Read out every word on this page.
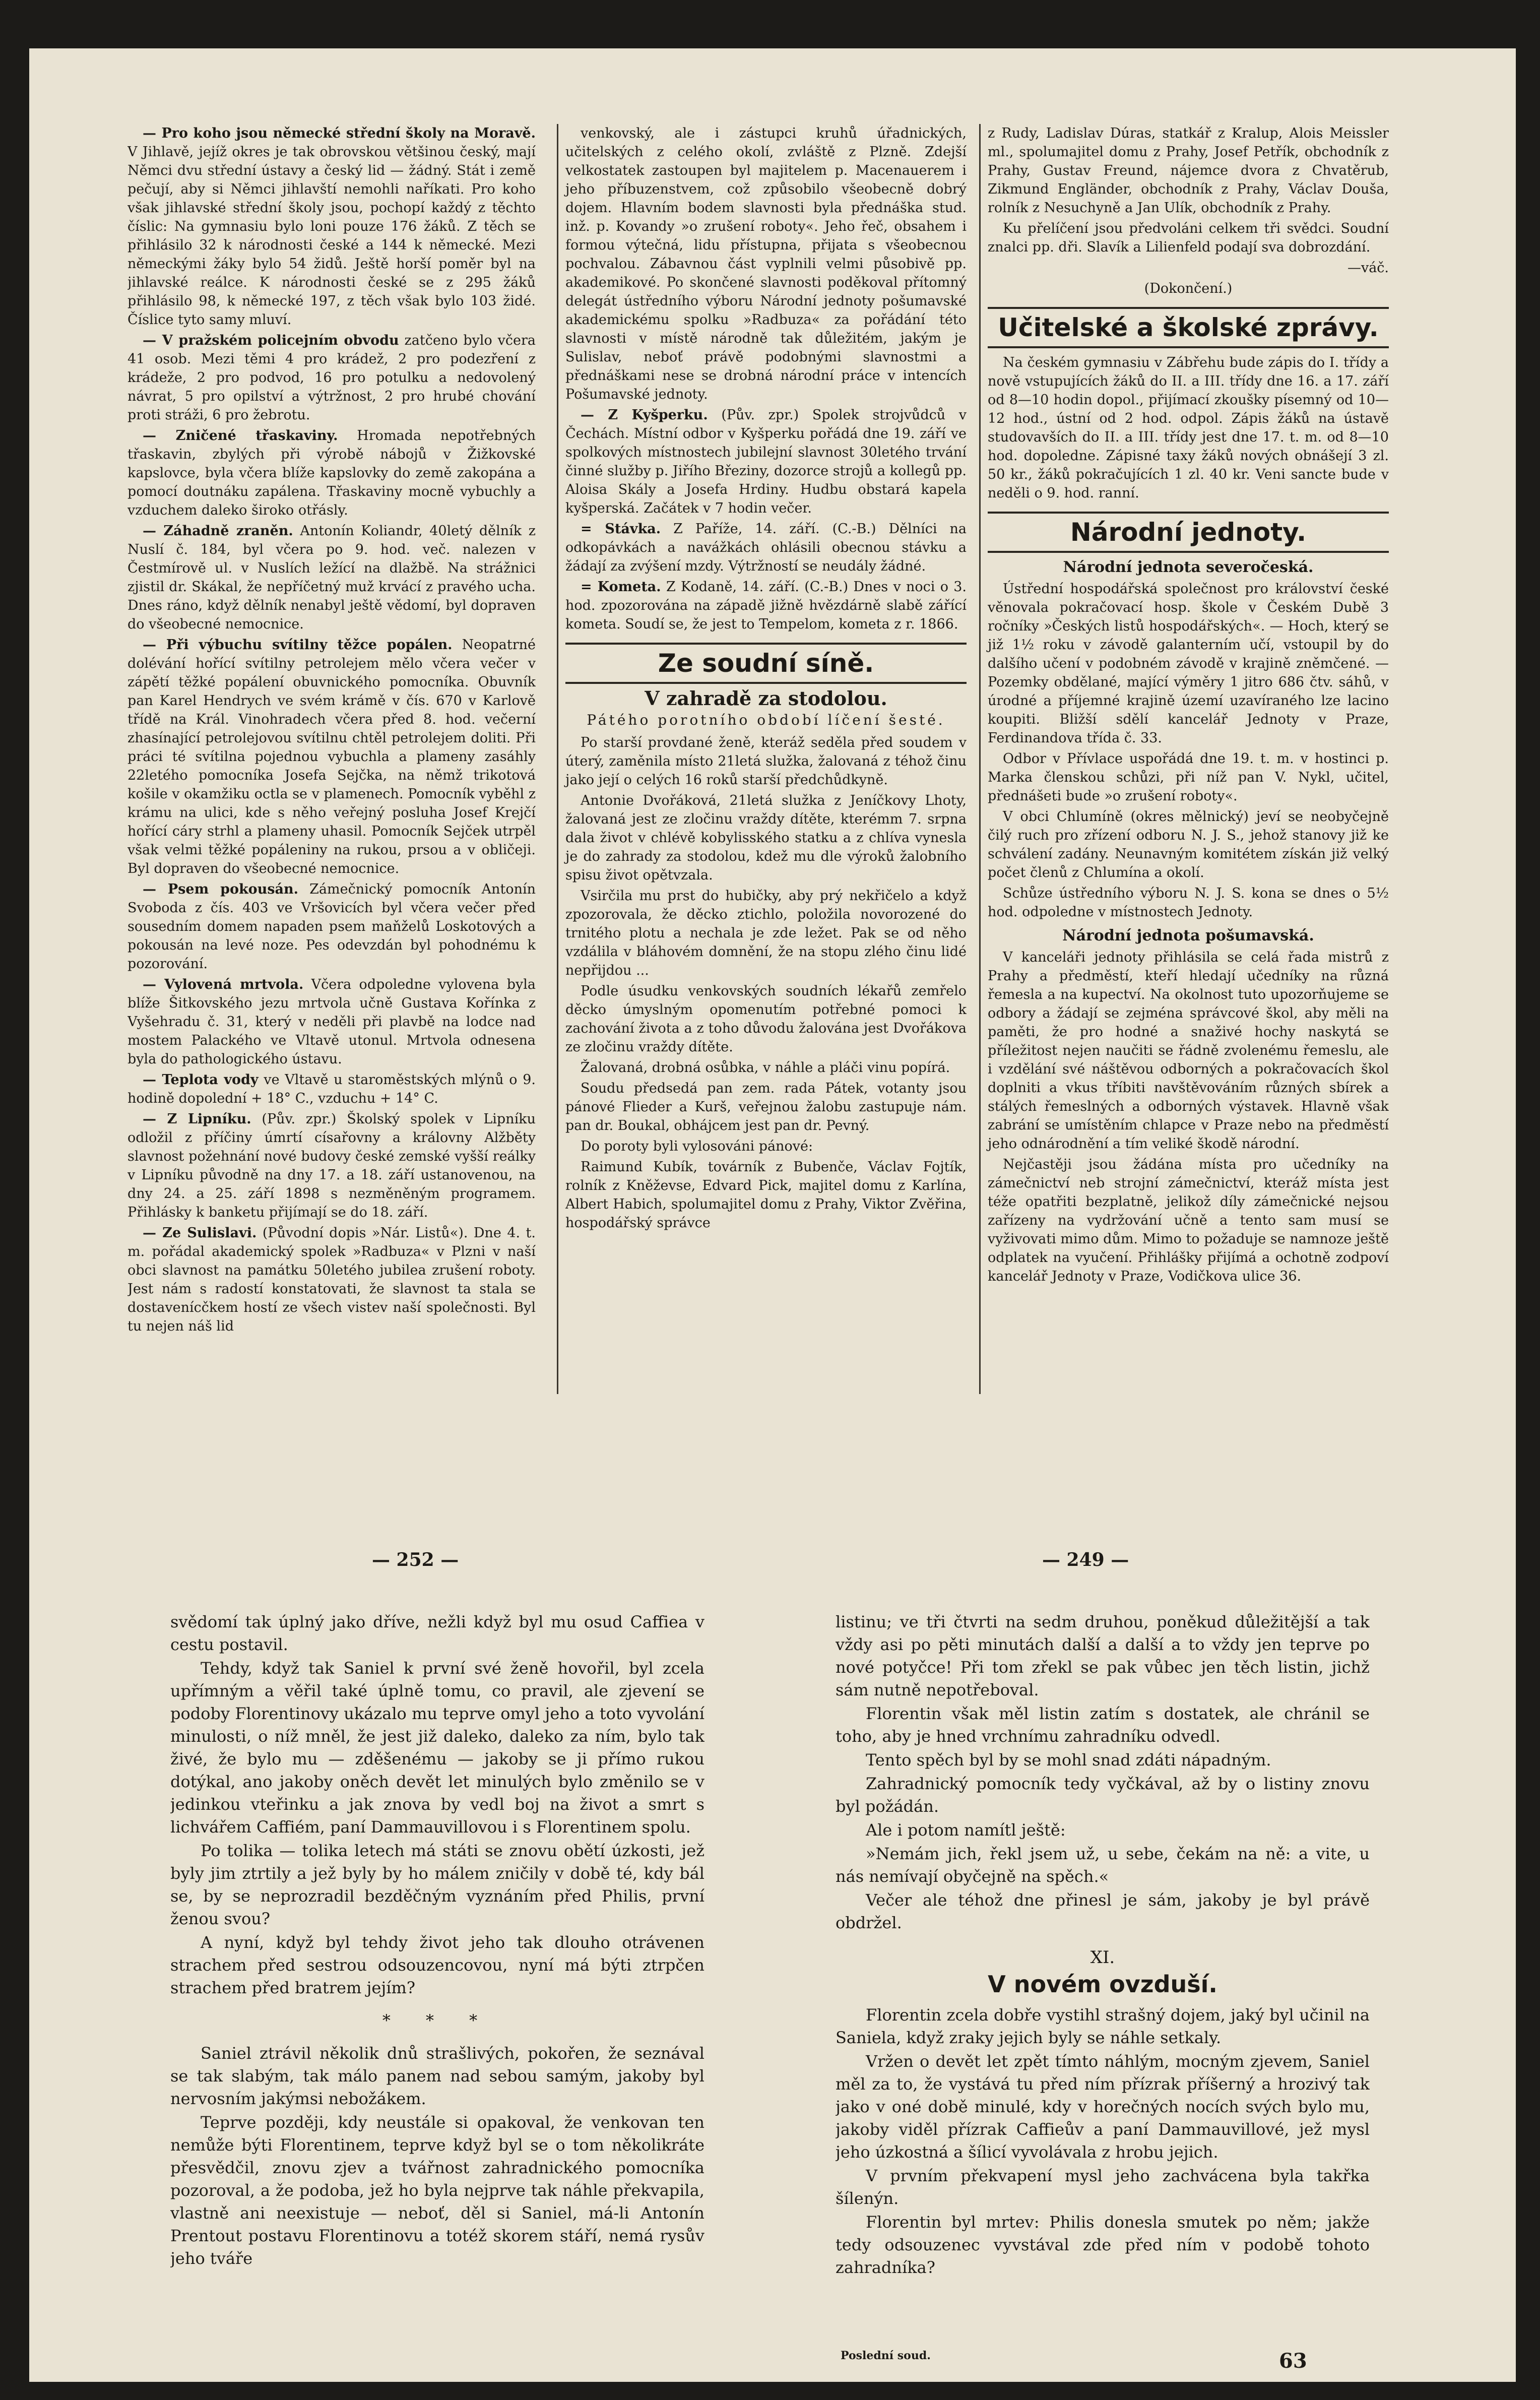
— Pro koho jsou německé střední školy na Moravě. V Jihlavě, jejíž okres je tak obrovskou většinou český, mají Němci dvu střední ústavy a český lid — žádný. Stát i země pečují, aby si Němci jihlavští nemohli naříkati. Pro koho však jihlavské střední školy jsou, pochopí každý z těchto číslic: Na gymnasiu bylo loni pouze 176 žáků. Z těch se přihlásilo 32 k národnosti české a 144 k německé. Mezi německými žáky bylo 54 židů. Ještě horší poměr byl na jihlavské reálce. K národnosti české se z 295 žáků přihlásilo 98, k německé 197, z těch však bylo 103 židé. Číslice tyto samy mluví.

— V pražském policejním obvodu zatčeno bylo včera 41 osob. Mezi těmi 4 pro krádež, 2 pro podezření z krádeže, 2 pro podvod, 16 pro potulku a nedovolený návrat, 5 pro opilství a výtržnost, 2 pro hrubé chování proti stráži, 6 pro žebrotu.

— Zničené třaskaviny. Hromada nepotřebných třaskavin, zbylých při výrobě nábojů v Žižkovské kapslovce, byla včera blíže kapslovky do země zakopána a pomocí doutnáku zapálena. Třaskaviny mocně vybuchly a vzduchem daleko široko otřásly.

— Záhadně zraněn. Antonín Koliandr, 40letý dělník z Nuslí č. 184, byl včera po 9. hod. več. nalezen v Čestmírově ul. v Nuslích ležící na dlažbě. Na strážnici zjistil dr. Skákal, že nepříčetný muž krvácí z pravého ucha. Dnes ráno, když dělník nenabyl ještě vědomí, byl dopraven do všeobecné nemocnice.

— Při výbuchu svítilny těžce popálen. Neopatrné dolévání hořící svítilny petrolejem mělo včera večer v zápětí těžké popálení obuvnického pomocníka. Obuvník pan Karel Hendrych ve svém krámě v čís. 670 v Karlově třídě na Král. Vinohradech včera před 8. hod. večerní zhasínající petrolejovou svítilnu chtěl petrolejem doliti. Při práci té svítilna pojednou vybuchla a plameny zasáhly 22letého pomocníka Josefa Sejčka, na němž trikotová košile v okamžiku octla se v plamenech. Pomocník vyběhl z krámu na ulici, kde s něho veřejný posluha Josef Krejčí hořící cáry strhl a plameny uhasil. Pomocník Sejček utrpěl však velmi těžké popáleniny na rukou, prsou a v obličeji. Byl dopraven do všeobecné nemocnice.

— Psem pokousán. Zámečnický pomocník Antonín Svoboda z čís. 403 ve Vršovicích byl včera večer před sousedním domem napaden psem maňželů Loskotových a pokousán na levé noze. Pes odevzdán byl pohodnému k pozorování.

— Vylovená mrtvola. Včera odpoledne vylovena byla blíže Šitkovského jezu mrtvola učně Gustava Kořínka z Vyšehradu č. 31, který v neděli při plavbě na lodce nad mostem Palackého ve Vltavě utonul. Mrtvola odnesena byla do pathologického ústavu.

— Teplota vody ve Vltavě u staroměstských mlýnů o 9. hodině dopolední + 18° C., vzduchu + 14° C.

— Z Lipníku. (Pův. zpr.) Školský spolek v Lipníku odložil z příčiny úmrtí císařovny a královny Alžběty slavnost požehnání nové budovy české zemské vyšší reálky v Lipníku původně na dny 17. a 18. září ustanovenou, na dny 24. a 25. září 1898 s nezměněným programem. Přihlásky k banketu přijímají se do 18. září.

— Ze Sulislavi. (Původní dopis »Nár. Listů«). Dne 4. t. m. pořádal akademický spolek »Radbuza« v Plzni v naší obci slavnost na památku 50letého jubilea zrušení roboty. Jest nám s radostí konstatovati, že slavnost ta stala se dostavenícčkem hostí ze všech vistev naší společnosti. Byl tu nejen náš lid

venkovský, ale i zástupci kruhů úřadnických, učitelských z celého okolí, zvláště z Plzně. Zdejší velkostatek zastoupen byl majitelem p. Macenauerem i jeho příbuzenstvem, což způsobilo všeobecně dobrý dojem. Hlavním bodem slavnosti byla přednáška stud. inž. p. Kovandy »o zrušení roboty«. Jeho řeč, obsahem i formou výtečná, lidu přístupna, přijata s všeobecnou pochvalou. Zábavnou část vyplnili velmi působivě pp. akademikové. Po skončené slavnosti poděkoval přítomný delegát ústředního výboru Národní jednoty pošumavské akademickému spolku »Radbuza« za pořádání této slavnosti v místě národně tak důležitém, jakým je Sulislav, neboť právě podobnými slavnostmi a přednáškami nese se drobná národní práce v intencích Pošumavské jednoty.

— Z Kyšperku. (Pův. zpr.) Spolek strojvůdců v Čechách. Místní odbor v Kyšperku pořádá dne 19. září ve spolkových místnostech jubilejní slavnost 30letého trvání činné služby p. Jiřího Březiny, dozorce strojů a kollegů pp. Aloisa Skály a Josefa Hrdiny. Hudbu obstará kapela kyšperská. Začátek v 7 hodin večer.

= Stávka. Z Paříže, 14. září. (C.-B.) Dělníci na odkopávkách a navážkách ohlásili obecnou stávku a žádají za zvýšení mzdy. Výtržností se neudály žádné.

= Kometa. Z Kodaně, 14. září. (C.-B.) Dnes v noci o 3. hod. zpozorována na západě jižně hvězdárně slabě zářící kometa. Soudí se, že jest to Tempelom, kometa z r. 1866.

Ze soudní síně.
V zahradě za stodolou.
Pátého porotního období líčení šesté.

Po starší provdané ženě, kteráž seděla před soudem v úterý, zaměnila místo 21letá služka, žalovaná z téhož činu jako její o celých 16 roků starší předchůdkyně.

Antonie Dvořáková, 21letá služka z Jeníčkovy Lhoty, žalovaná jest ze zločinu vraždy dítěte, kterémm 7. srpna dala život v chlévě kobylisského statku a z chlíva vynesla je do zahrady za stodolou, kdež mu dle výroků žalobního spisu život opětvzala.

Vsirčila mu prst do hubičky, aby prý nekřičelo a když zpozorovala, že děcko ztichlo, položila novorozené do trnitého plotu a nechala je zde ležet. Pak se od něho vzdálila v bláhovém domnění, že na stopu zlého činu lidé nepřijdou ...

Podle úsudku venkovských soudních lékařů zemřelo děcko úmyslným opomenutím potřebné pomoci k zachování života a z toho důvodu žalována jest Dvořákova ze zločinu vraždy dítěte.

Žalovaná, drobná osůbka, v náhle a pláči vinu popírá.

Soudu předsedá pan zem. rada Pátek, votanty jsou pánové Flieder a Kurš, veřejnou žalobu zastupuje nám. pan dr. Boukal, obhájcem jest pan dr. Pevný.

Do poroty byli vylosováni pánové:

Raimund Kubík, továrník z Bubenče, Václav Fojtík, rolník z Kněževse, Edvard Pick, majitel domu z Karlína, Albert Habich, spolumajitel domu z Prahy, Viktor Zvěřina, hospodářský správce

z Rudy, Ladislav Dúras, statkář z Kralup, Alois Meissler ml., spolumajitel domu z Prahy, Josef Petřík, obchodník z Prahy, Gustav Freund, nájemce dvora z Chvatěrub, Zikmund Engländer, obchodník z Prahy, Václav Douša, rolník z Nesuchyně a Jan Ulík, obchodník z Prahy.

Ku přelíčení jsou předvoláni celkem tři svědci. Soudní znalci pp. dři. Slavík a Lilienfeld podají sva dobrozdání.

—váč.

(Dokončení.)

Učitelské a školské zprávy.

Na českém gymnasiu v Zábřehu bude zápis do I. třídy a nově vstupujících žáků do II. a III. třídy dne 16. a 17. září od 8—10 hodin dopol., přijímací zkoušky písemný od 10—12 hod., ústní od 2 hod. odpol. Zápis žáků na ústavě studovavších do II. a III. třídy jest dne 17. t. m. od 8—10 hod. dopoledne. Zápisné taxy žáků nových obnášejí 3 zl. 50 kr., žáků pokračujících 1 zl. 40 kr. Veni sancte bude v neděli o 9. hod. ranní.

Národní jednoty.
Národní jednota severočeská.

Ústřední hospodářská společnost pro království české věnovala pokračovací hosp. škole v Českém Dubě 3 ročníky »Českých listů hospodářských«. — Hoch, který se již 1½ roku v závodě galanterním učí, vstoupil by do dalšího učení v podobném závodě v krajině zněmčené. — Pozemky obdělané, mající výměry 1 jitro 686 čtv. sáhů, v úrodné a příjemné krajině území uzavíraného lze lacino koupiti. Bližší sdělí kancelář Jednoty v Praze, Ferdinandova třída č. 33.

Odbor v Přívlace uspořádá dne 19. t. m. v hostinci p. Marka členskou schůzi, při níž pan V. Nykl, učitel, přednášeti bude »o zrušení roboty«.

V obci Chlumíně (okres mělnický) jeví se neobyčejně čilý ruch pro zřízení odboru N. J. S., jehož stanovy již ke schválení zadány. Neunavným komitétem získán již velký počet členů z Chlumína a okolí.

Schůze ústředního výboru N. J. S. kona se dnes o 5½ hod. odpoledne v místnostech Jednoty.

Národní jednota pošumavská.

V kanceláři jednoty přihlásila se celá řada mistrů z Prahy a předměstí, kteří hledají učedníky na různá řemesla a na kupectví. Na okolnost tuto upozorňujeme se odbory a žádají se zejména správcové škol, aby měli na paměti, že pro hodné a snaživé hochy naskytá se příležitost nejen naučiti se řádně zvolenému řemeslu, ale i vzdělání své náštěvou odborných a pokračovacích škol doplniti a vkus tříbiti navštěvováním různých sbírek a stálých řemeslných a odborných výstavek. Hlavně však zabrání se umístěním chlapce v Praze nebo na předměstí jeho odnárodnění a tím veliké škodě národní.

Nejčastěji jsou žádána místa pro učedníky na zámečnictví neb strojní zámečnictví, kteráž místa jest téže opatřiti bezplatně, jelikož díly zámečnické nejsou zařízeny na vydržování učně a tento sam musí se vyživovati mimo dům. Mimo to požaduje se namnoze ještě odplatek na vyučení. Přihlášky přijímá a ochotně zodpoví kancelář Jednoty v Praze, Vodičkova ulice 36.

— 252 —	— 249 —

svědomí tak úplný jako dříve, nežli když byl mu osud Caffiea v cestu postavil.

Tehdy, když tak Saniel k první své ženě hovořil, byl zcela upřímným a věřil také úplně tomu, co pravil, ale zjevení se podoby Florentinovy ukázalo mu teprve omyl jeho a toto vyvolání minulosti, o níž mněl, že jest již daleko, daleko za ním, bylo tak živé, že bylo mu — zděšenému — jakoby se ji přímo rukou dotýkal, ano jakoby oněch devět let minulých bylo změnilo se v jedinkou vteřinku a jak znova by vedl boj na život a smrt s lichvářem Caffiém, paní Dammauvillovou i s Florentinem spolu.

Po tolika — tolika letech má státi se znovu obětí úzkosti, jež byly jim ztrtily a jež byly by ho málem zničily v době té, kdy bál se, by se neprozradil bezděčným vyznáním před Philis, první ženou svou?

A nyní, když byl tehdy život jeho tak dlouho otrávenen strachem před sestrou odsouzencovou, nyní má býti ztrpčen strachem před bratrem jejím?

* * *

Saniel ztrávil několik dnů strašlivých, pokořen, že seznával se tak slabým, tak málo panem nad sebou samým, jakoby byl nervosním jakýmsi nebožákem.

Teprve později, kdy neustále si opakoval, že venkovan ten nemůže býti Florentinem, teprve když byl se o tom několikráte přesvědčil, znovu zjev a tvářnost zahradnického pomocníka pozoroval, a že podoba, jež ho byla nejprve tak náhle překvapila, vlastně ani neexistuje — neboť, děl si Saniel, má-li Antonín Prentout postavu Florentinovu a totéž skorem stáří, nemá rysův jeho tváře

listinu; ve tři čtvrti na sedm druhou, poněkud důležitější a tak vždy asi po pěti minutách další a další a to vždy jen teprve po nové potyčce! Při tom zřekl se pak vůbec jen těch listin, jichž sám nutně nepotřeboval.

Florentin však měl listin zatím s dostatek, ale chránil se toho, aby je hned vrchnímu zahradníku odvedl.

Tento spěch byl by se mohl snad zdáti nápadným.

Zahradnický pomocník tedy vyčkával, až by o listiny znovu byl požádán.

Ale i potom namítl ještě:

»Nemám jich, řekl jsem už, u sebe, čekám na ně: a vite, u nás nemívají obyčejně na spěch.«

Večer ale téhož dne přinesl je sám, jakoby je byl právě obdržel.

XI.

V novém ovzduší.

Florentin zcela dobře vystihl strašný dojem, jaký byl učinil na Saniela, když zraky jejich byly se náhle setkaly.

Vržen o devět let zpět tímto náhlým, mocným zjevem, Saniel měl za to, že vystává tu před ním přízrak příšerný a hrozivý tak jako v oné době minulé, kdy v horečných nocích svých bylo mu, jakoby viděl přízrak Caffieův a paní Dammauvillové, jež mysl jeho úzkostná a šílicí vyvolávala z hrobu jejich.

V prvním překvapení mysl jeho zachvácena byla takřka šílenýn.

Florentin byl mrtev: Philis donesla smutek po něm; jakže tedy odsouzenec vyvstával zde před ním v podobě tohoto zahradníka?

Poslední soud.	63
